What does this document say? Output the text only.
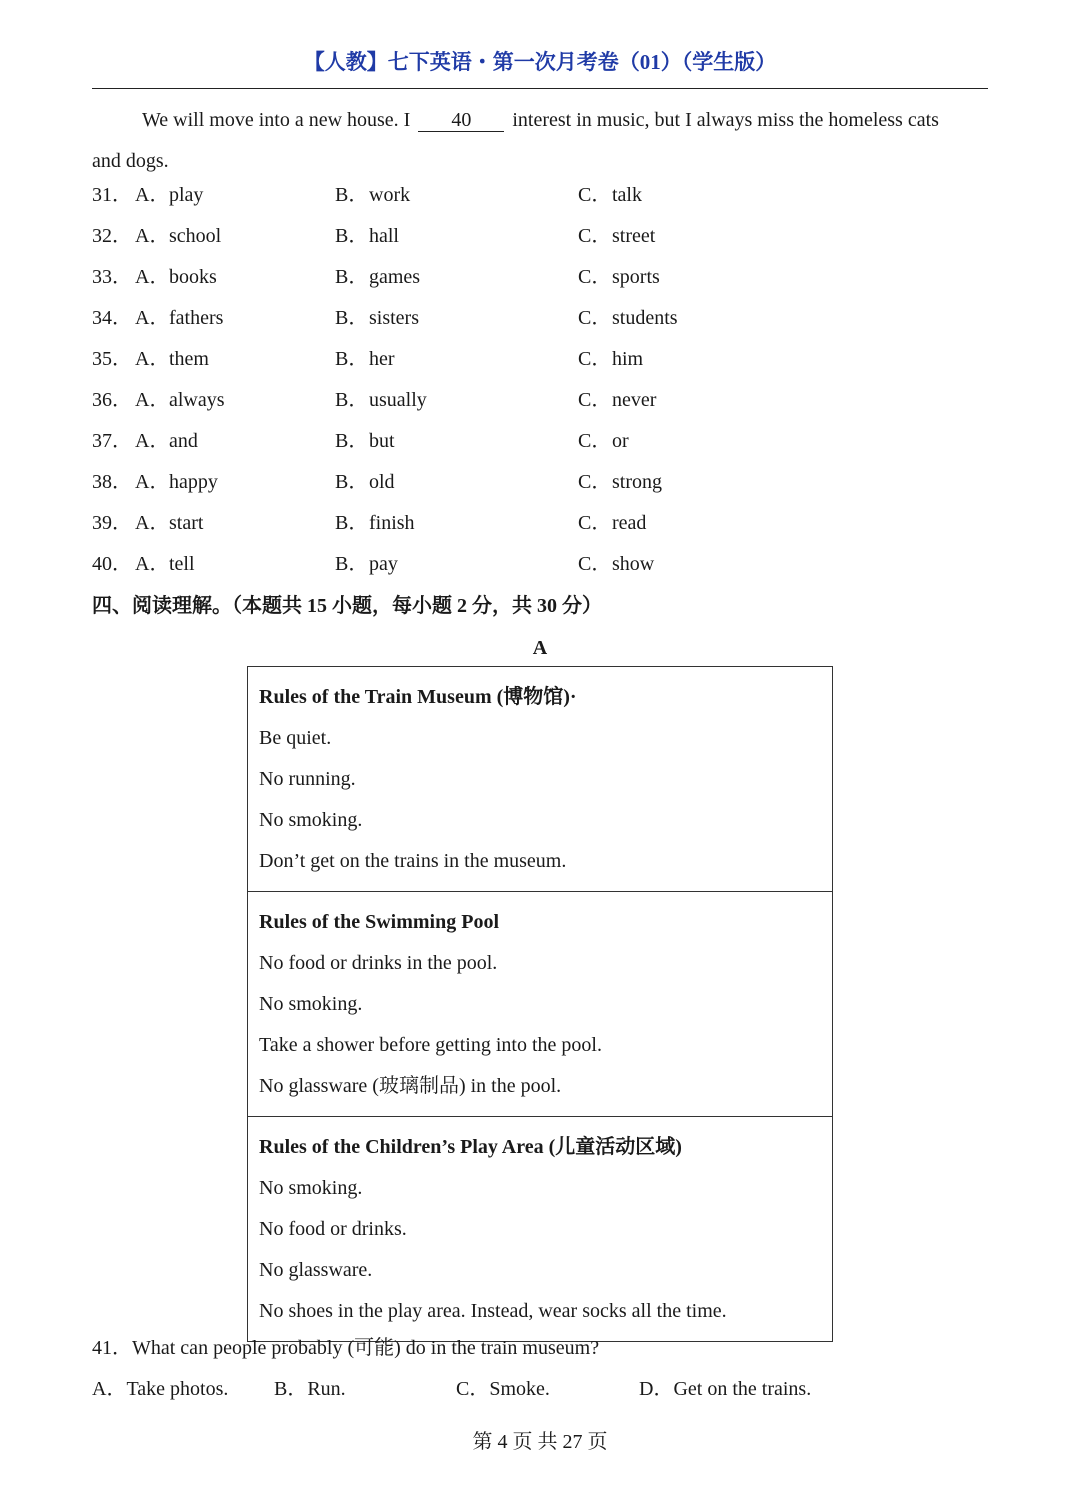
【人教】七下英语・第一次月考卷（01）（学生版）
We will move into a new house. I 40 interest in music, but I always miss the homeless cats
and dogs.
31． A．play	B．work	C．talk
32． A．school	B．hall	C．street
33． A．books	B．games	C．sports
34． A．fathers	B．sisters	C．students
35． A．them	B．her	C．him
36． A．always	B．usually	C．never
37． A．and	B．but	C．or
38． A．happy	B．old	C．strong
39． A．start	B．finish	C．read
40． A．tell	B．pay	C．show
四、阅读理解。（本题共 15 小题，每小题 2 分，共 30 分）
A

Rules of the Train Museum (博物馆)·

Be quiet.

No running.

No smoking.

Don’t get on the trains in the museum.

Rules of the Swimming Pool

No food or drinks in the pool.

No smoking.

Take a shower before getting into the pool.

No glassware (玻璃制品) in the pool.

Rules of the Children’s Play Area (儿童活动区域)

No smoking.

No food or drinks.

No glassware.

No shoes in the play area. Instead, wear socks all the time.

41．What can people probably (可能) do in the train museum?
A．Take photos. B．Run.	C．Smoke.	D．Get on the trains.
第 4 页 共 27 页
